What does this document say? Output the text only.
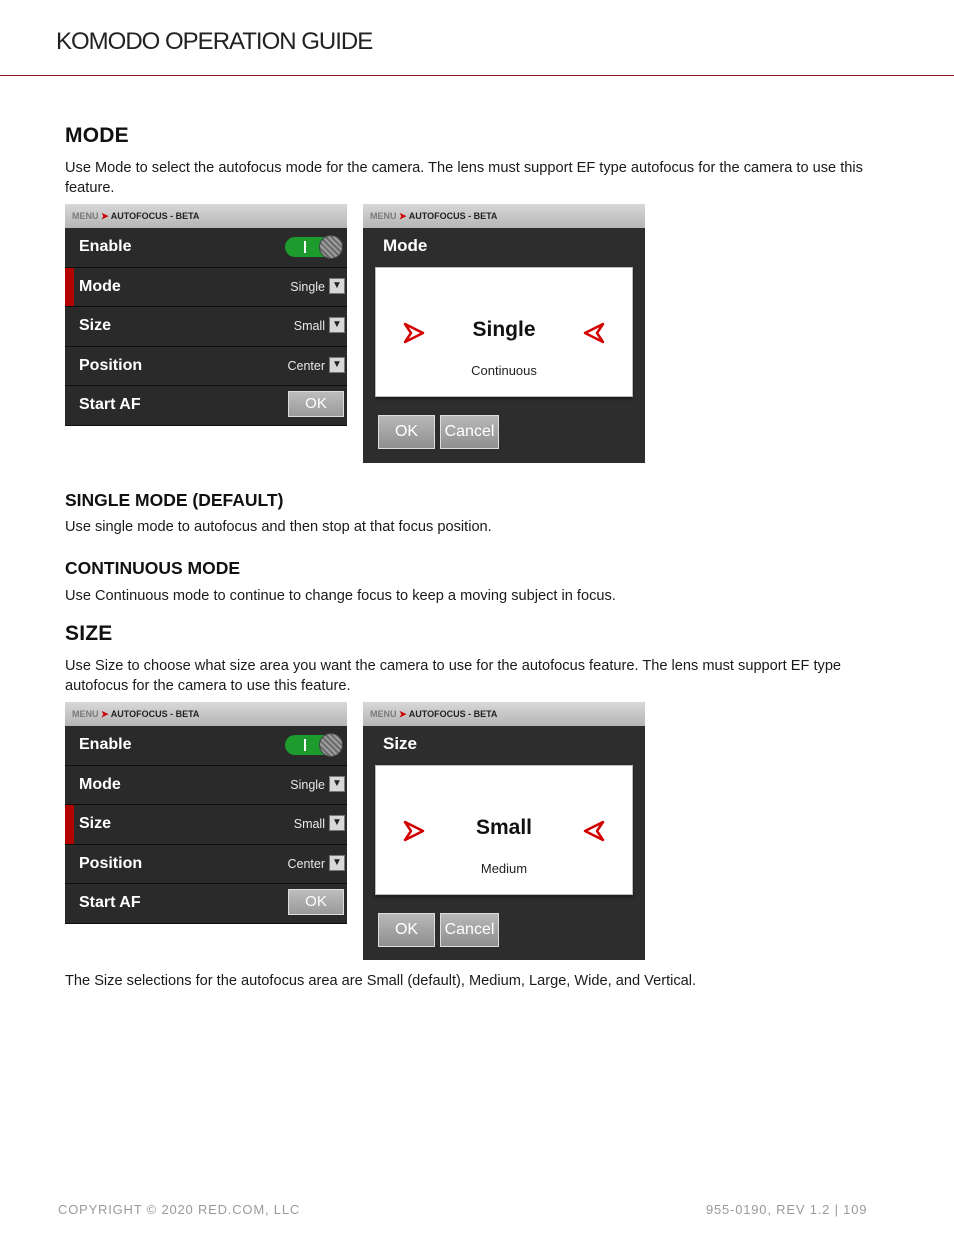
KOMODO OPERATION GUIDE
MODE
Use Mode to select the autofocus mode for the camera. The lens must support EF type autofocus for the camera to use this feature.
MENU ➤ AUTOFOCUS - BETA
Enable
Mode	Single ▼
Size	Small ▼
Position	Center ▼
Start AF	OK
MENU ➤ AUTOFOCUS - BETA
Mode
Single
Continuous
OK	Cancel
SINGLE MODE (DEFAULT)
Use single mode to autofocus and then stop at that focus position.
CONTINUOUS MODE
Use Continuous mode to continue to change focus to keep a moving subject in focus.
SIZE
Use Size to choose what size area you want the camera to use for the autofocus feature. The lens must support EF type autofocus for the camera to use this feature.
MENU ➤ AUTOFOCUS - BETA
Enable
Mode	Single ▼
Size	Small ▼
Position	Center ▼
Start AF	OK
MENU ➤ AUTOFOCUS - BETA
Size
Small
Medium
OK	Cancel
The Size selections for the autofocus area are Small (default), Medium, Large, Wide, and Vertical.
COPYRIGHT © 2020 RED.COM, LLC	955-0190, REV 1.2 | 109
